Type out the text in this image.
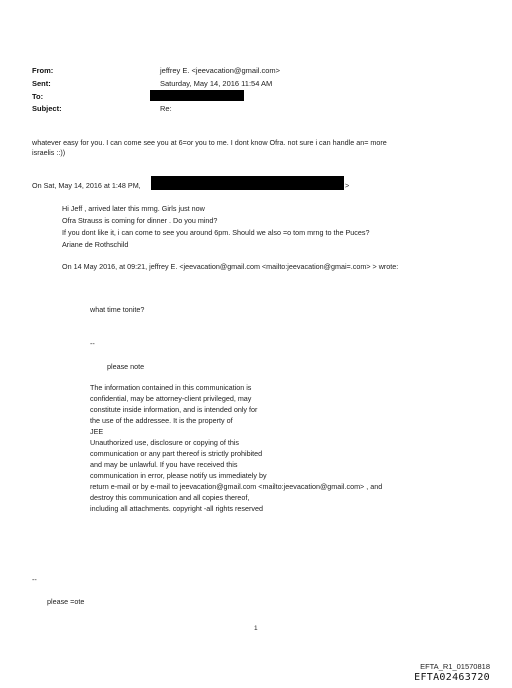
From:	jeffrey E. <jeevacation@gmail.com>
Sent:	Saturday, May 14, 2016 11:54 AM
To:
Subject:	Re:
whatever easy for you. I can come see you at 6=or you to me. I dont know Ofra. not sure i can handle an= more
israelis ::))
On Sat, May 14, 2016 at 1:48 PM,	>
Hi Jeff , arrived later this mrng. Girls just now
Ofra Strauss is coming for dinner . Do you mind?
If you dont like it, i can come to see you around 6pm. Should we also =o tom mrng to the Puces?
Ariane de Rothschild
On 14 May 2016, at 09:21, jeffrey E. <jeevacation@gmail.com <mailto:jeevacation@gmai=.com> > wrote:
what time tonite?
--
please note
The information contained in this communication is
confidential, may be attorney-client privileged, may
constitute inside information, and is intended only for
the use of the addressee. It is the property of
JEE
Unauthorized use, disclosure or copying of this
communication or any part thereof is strictly prohibited
and may be unlawful. If you have received this
communication in error, please notify us immediately by
return e-mail or by e-mail to jeevacation@gmail.com <mailto:jeevacation@gmail.com> , and
destroy this communication and all copies thereof,
including all attachments. copyright -all rights reserved
--
please =ote
1
EFTA_R1_01570818
EFTA02463720
